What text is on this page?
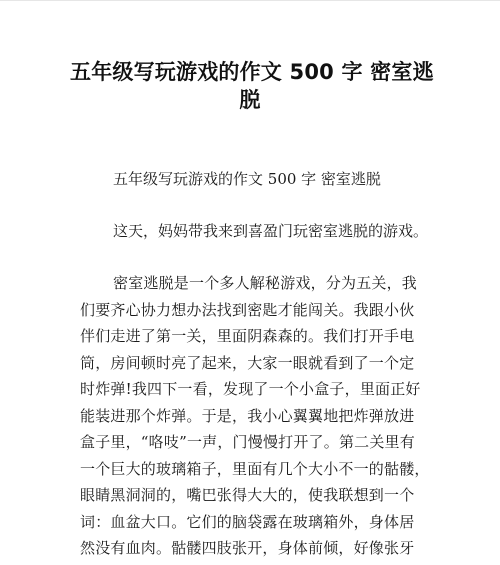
五年级写玩游戏的作文 500 字 密室逃
脱

五年级写玩游戏的作文 500 字 密室逃脱

这天，妈妈带我来到喜盈门玩密室逃脱的游戏。

密室逃脱是一个多人解秘游戏，分为五关，我
们要齐心协力想办法找到密匙才能闯关。我跟小伙
伴们走进了第一关，里面阴森森的。我们打开手电
筒，房间顿时亮了起来，大家一眼就看到了一个定
时炸弹!我四下一看，发现了一个小盒子，里面正好
能装进那个炸弹。于是，我小心翼翼地把炸弹放进
盒子里，“咯吱”一声，门慢慢打开了。第二关里有
一个巨大的玻璃箱子，里面有几个大小不一的骷髅，
眼睛黑洞洞的，嘴巴张得大大的，使我联想到一个
词：血盆大口。它们的脑袋露在玻璃箱外，身体居
然没有血肉。骷髅四肢张开，身体前倾，好像张牙
